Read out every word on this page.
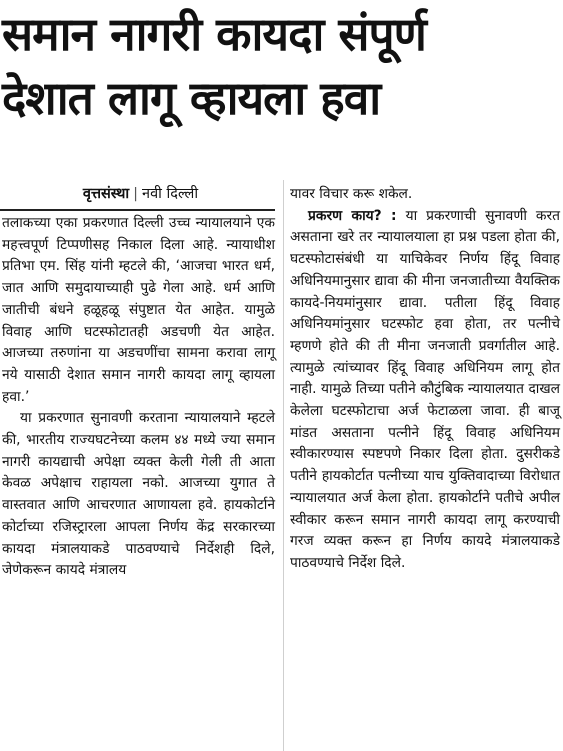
समान नागरी कायदा संपूर्ण
देशात लागू व्हायला हवा
वृत्तसंस्था | नवी दिल्ली

तलाकच्या एका प्रकरणात दिल्ली उच्च न्यायालयाने एक महत्त्वपूर्ण टिप्पणीसह निकाल दिला आहे. न्यायाधीश प्रतिभा एम. सिंह यांनी म्हटले की, ‘आजचा भारत धर्म, जात आणि समुदायाच्याही पुढे गेला आहे. धर्म आणि जातीची बंधने हळूहळू संपुष्टात येत आहेत. यामुळे विवाह आणि घटस्फोटातही अडचणी येत आहेत. आजच्या तरुणांना या अडचणींचा सामना करावा लागू नये यासाठी देशात समान नागरी कायदा लागू व्हायला हवा.’

या प्रकरणात सुनावणी करताना न्यायालयाने म्हटले की, भारतीय राज्यघटनेच्या कलम ४४ मध्ये ज्या समान नागरी कायद्याची अपेक्षा व्यक्त केली गेली ती आता केवळ अपेक्षाच राहायला नको. आजच्या युगात ते वास्तवात आणि आचरणात आणायला हवे. हायकोर्टाने कोर्टाच्या रजिस्ट्रारला आपला निर्णय केंद्र सरकारच्या कायदा मंत्रालयाकडे पाठवण्याचे निर्देशही दिले, जेणेकरून कायदे मंत्रालय

यावर विचार करू शकेल.

प्रकरण काय? : या प्रकरणाची सुनावणी करत असताना खरे तर न्यायालयाला हा प्रश्न पडला होता की, घटस्फोटासंबंधी या याचिकेवर निर्णय हिंदू विवाह अधिनियमानुसार द्यावा की मीना जनजातीच्या वैयक्तिक कायदे-नियमांनुसार द्यावा. पतीला हिंदू विवाह अधिनियमांनुसार घटस्फोट हवा होता, तर पत्नीचे म्हणणे होते की ती मीना जनजाती प्रवर्गातील आहे. त्यामुळे त्यांच्यावर हिंदू विवाह अधिनियम लागू होत नाही. यामुळे तिच्या पतीने कौटुंबिक न्यायालयात दाखल केलेला घटस्फोटाचा अर्ज फेटाळला जावा. ही बाजू मांडत असताना पत्नीने हिंदू विवाह अधिनियम स्वीकारण्यास स्पष्टपणे निकार दिला होता. दुसरीकडे पतीने हायकोर्टात पत्नीच्या याच युक्तिवादाच्या विरोधात न्यायालयात अर्ज केला होता. हायकोर्टाने पतीचे अपील स्वीकार करून समान नागरी कायदा लागू करण्याची गरज व्यक्त करून हा निर्णय कायदे मंत्रालयाकडे पाठवण्याचे निर्देश दिले.
